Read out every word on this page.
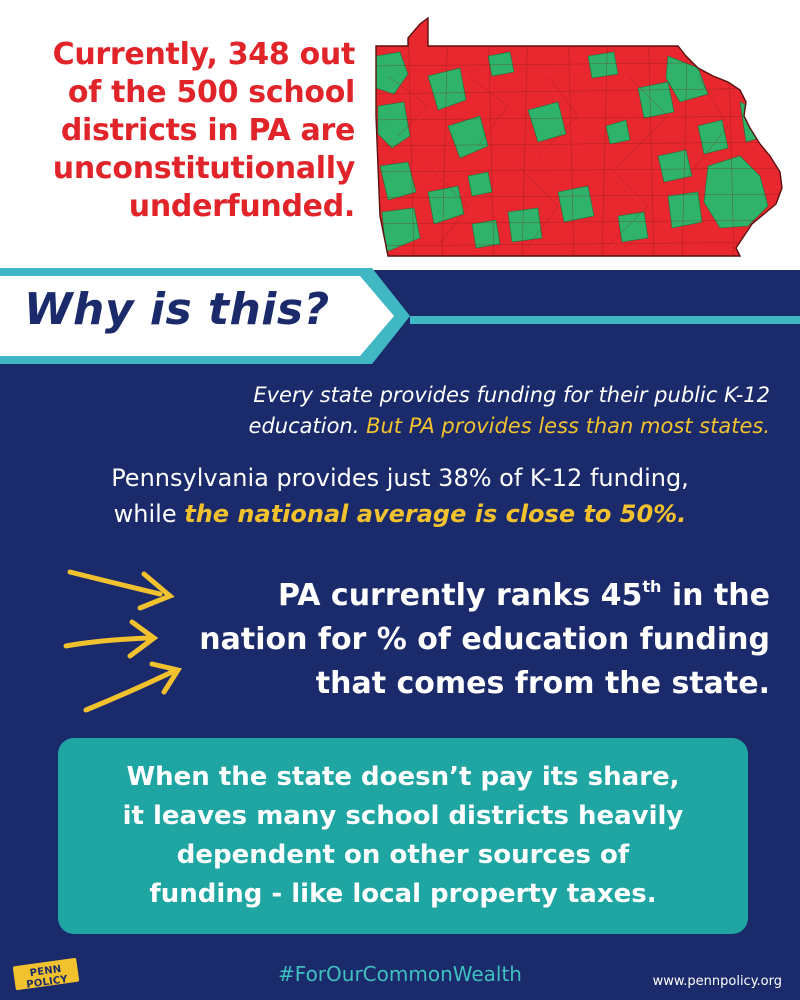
Currently, 348 out
of the 500 school
districts in PA are
unconstitutionally
underfunded.
Why is this?
Every state provides funding for their public K-12
education. But PA provides less than most states.
Pennsylvania provides just 38% of K-12 funding,
while the national average is close to 50%.
PA currently ranks 45th in the
nation for % of education funding
that comes from the state.
When the state doesn’t pay its share,
it leaves many school districts heavily
dependent on other sources of
funding - like local property taxes.
PENN POLICY	#ForOurCommonWealth	www.pennpolicy.org
